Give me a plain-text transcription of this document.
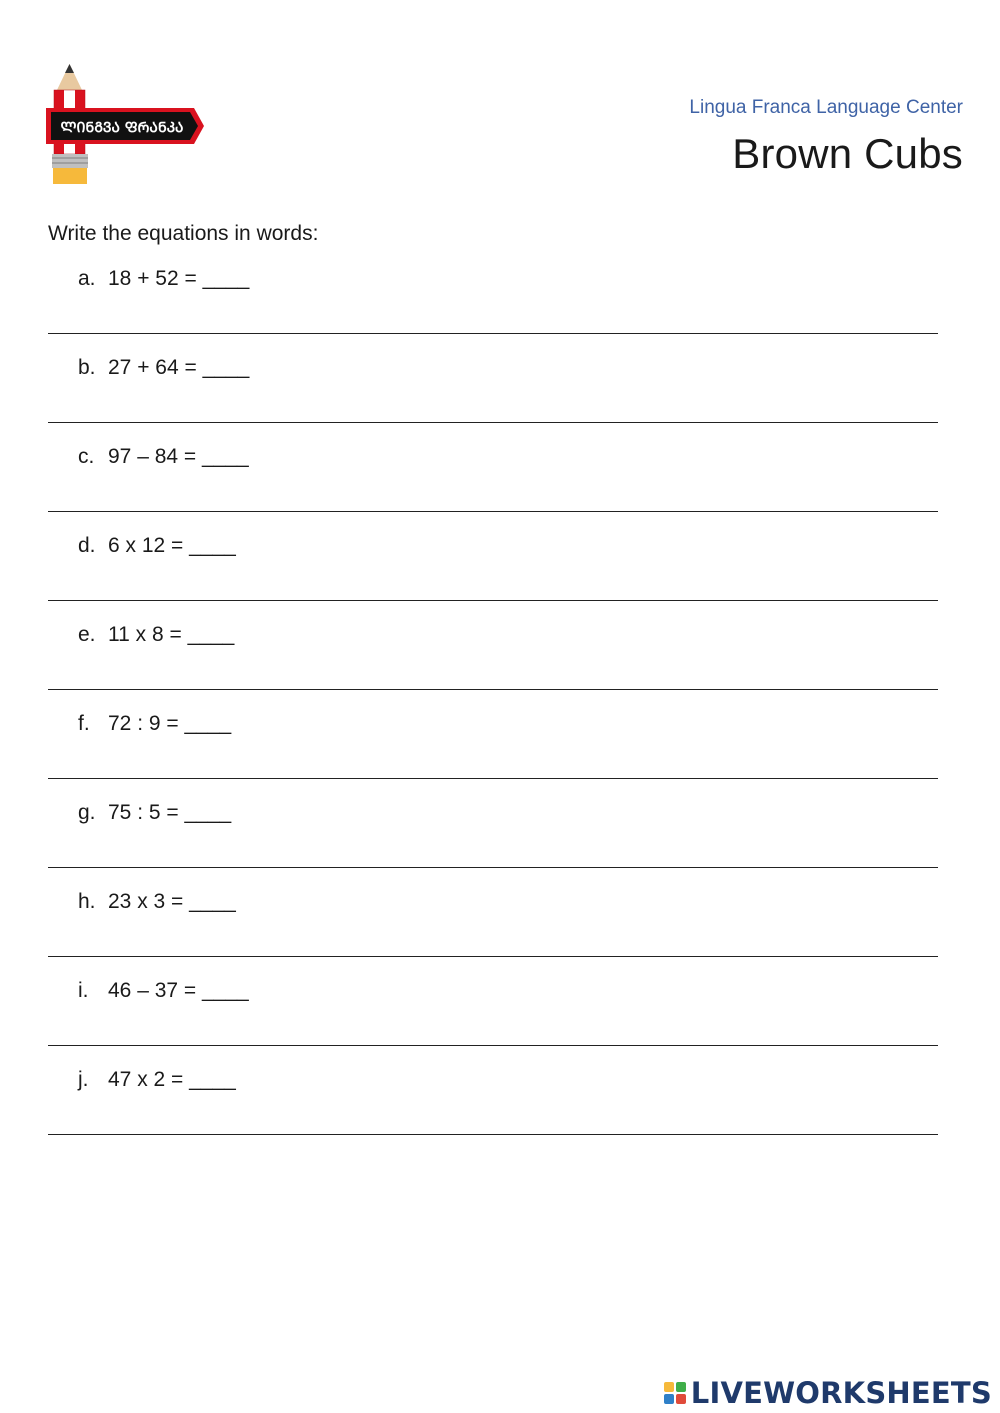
ᲚᲘᲜᲒᲕᲐ ᲤᲠᲐᲜᲙᲐ
Lingua Franca Language Center
Brown Cubs
Write the equations in words:
a. 18 + 52 = ____
b. 27 + 64 = ____
c. 97 – 84 = ____
d. 6 x 12 = ____
e. 11 x 8 = ____
f. 72 : 9 = ____
g. 75 : 5 = ____
h. 23 x 3 = ____
i. 46 – 37 = ____
j. 47 x 2 = ____
LIVEWORKSHEETS
